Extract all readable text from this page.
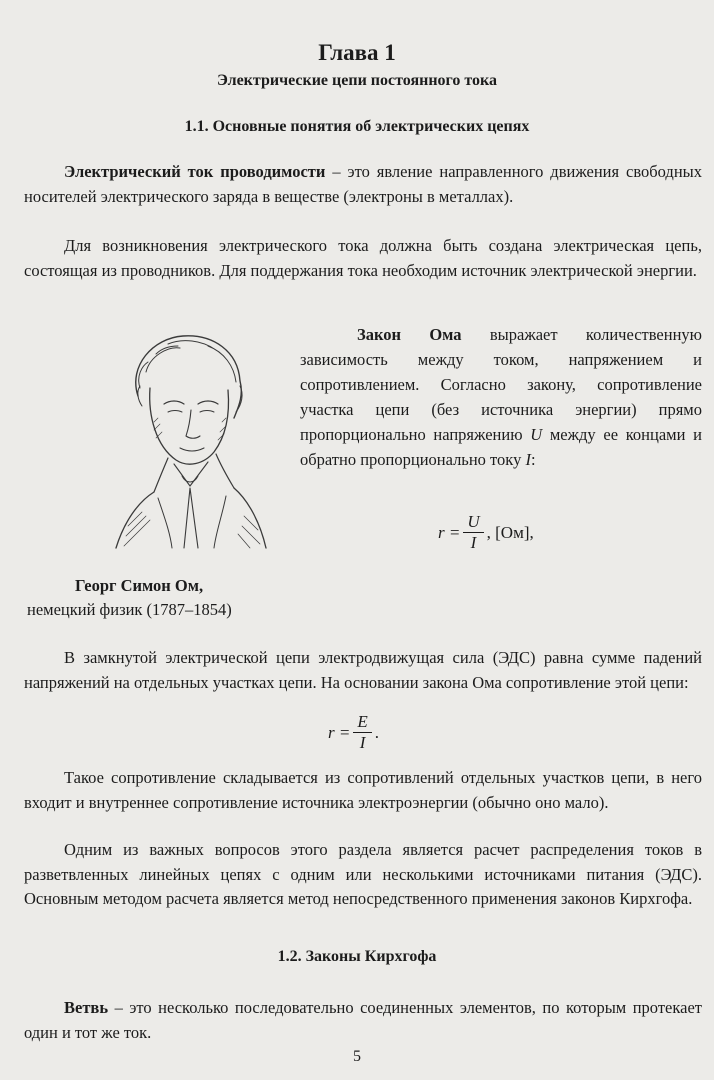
Глава 1
Электрические цепи постоянного тока
1.1. Основные понятия об электрических цепях

Электрический ток проводимости – это явление направленного движения свободных носителей электрического заряда в веществе (электроны в металлах).

Для возникновения электрического тока должна быть создана электрическая цепь, состоящая из проводников. Для поддержания тока необходим источник электрической энергии.

Закон Ома выражает количественную зависимость между током, напряжением и сопротивлением. Согласно закону, сопротивление участка цепи (без источника энергии) прямо пропорционально напряжению U между ее концами и обратно пропорционально току I:

$r = \frac{U}{I}$ , [Ом],
Георг Симон Ом,
немецкий физик (1787–1854)

В замкнутой электрической цепи электродвижущая сила (ЭДС) равна сумме падений напряжений на отдельных участках цепи. На основании закона Ома сопротивление этой цепи:

$r = \frac{E}{I}$ .

Такое сопротивление складывается из сопротивлений отдельных участков цепи, в него входит и внутреннее сопротивление источника электроэнергии (обычно оно мало).

Одним из важных вопросов этого раздела является расчет распределения токов в разветвленных линейных цепях с одним или несколькими источниками питания (ЭДС). Основным методом расчета является метод непосредственного применения законов Кирхгофа.

1.2. Законы Кирхгофа

Ветвь – это несколько последовательно соединенных элементов, по которым протекает один и тот же ток.

5
